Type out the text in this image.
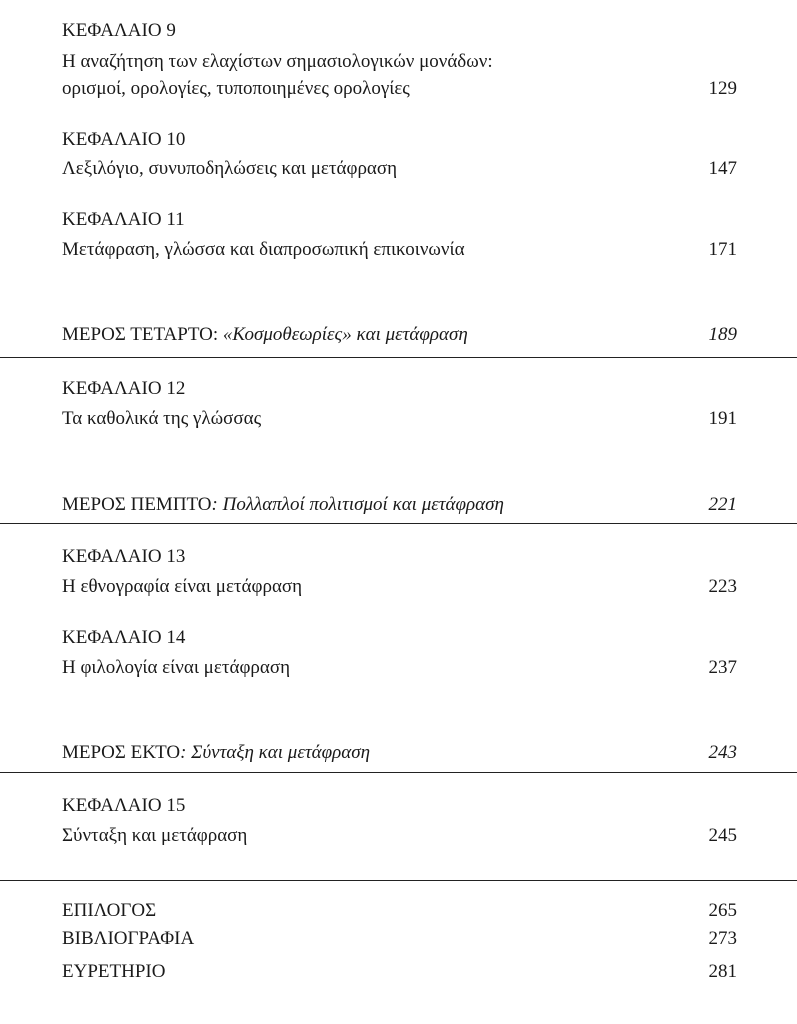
ΚΕΦΑΛΑΙΟ 9
Η αναζήτηση των ελαχίστων σημασιολογικών μονάδων:
ορισμοί, ορολογίες, τυποποιημένες ορολογίες	129
ΚΕΦΑΛΑΙΟ 10
Λεξιλόγιο, συνυποδηλώσεις και μετάφραση	147
ΚΕΦΑΛΑΙΟ 11
Μετάφραση, γλώσσα και διαπροσωπική επικοινωνία	171
ΜΕΡΟΣ ΤΕΤΑΡΤΟ: «Κοσμοθεωρίες» και μετάφραση	189
ΚΕΦΑΛΑΙΟ 12
Τα καθολικά της γλώσσας	191
ΜΕΡΟΣ ΠΕΜΠΤΟ: Πολλαπλοί πολιτισμοί και μετάφραση	221
ΚΕΦΑΛΑΙΟ 13
Η εθνογραφία είναι μετάφραση	223
ΚΕΦΑΛΑΙΟ 14
Η φιλολογία είναι μετάφραση	237
ΜΕΡΟΣ ΕΚΤΟ: Σύνταξη και μετάφραση	243
ΚΕΦΑΛΑΙΟ 15
Σύνταξη και μετάφραση	245
ΕΠΙΛΟΓΟΣ	265
ΒΙΒΛΙΟΓΡΑΦΙΑ	273
ΕΥΡΕΤΗΡΙΟ	281
